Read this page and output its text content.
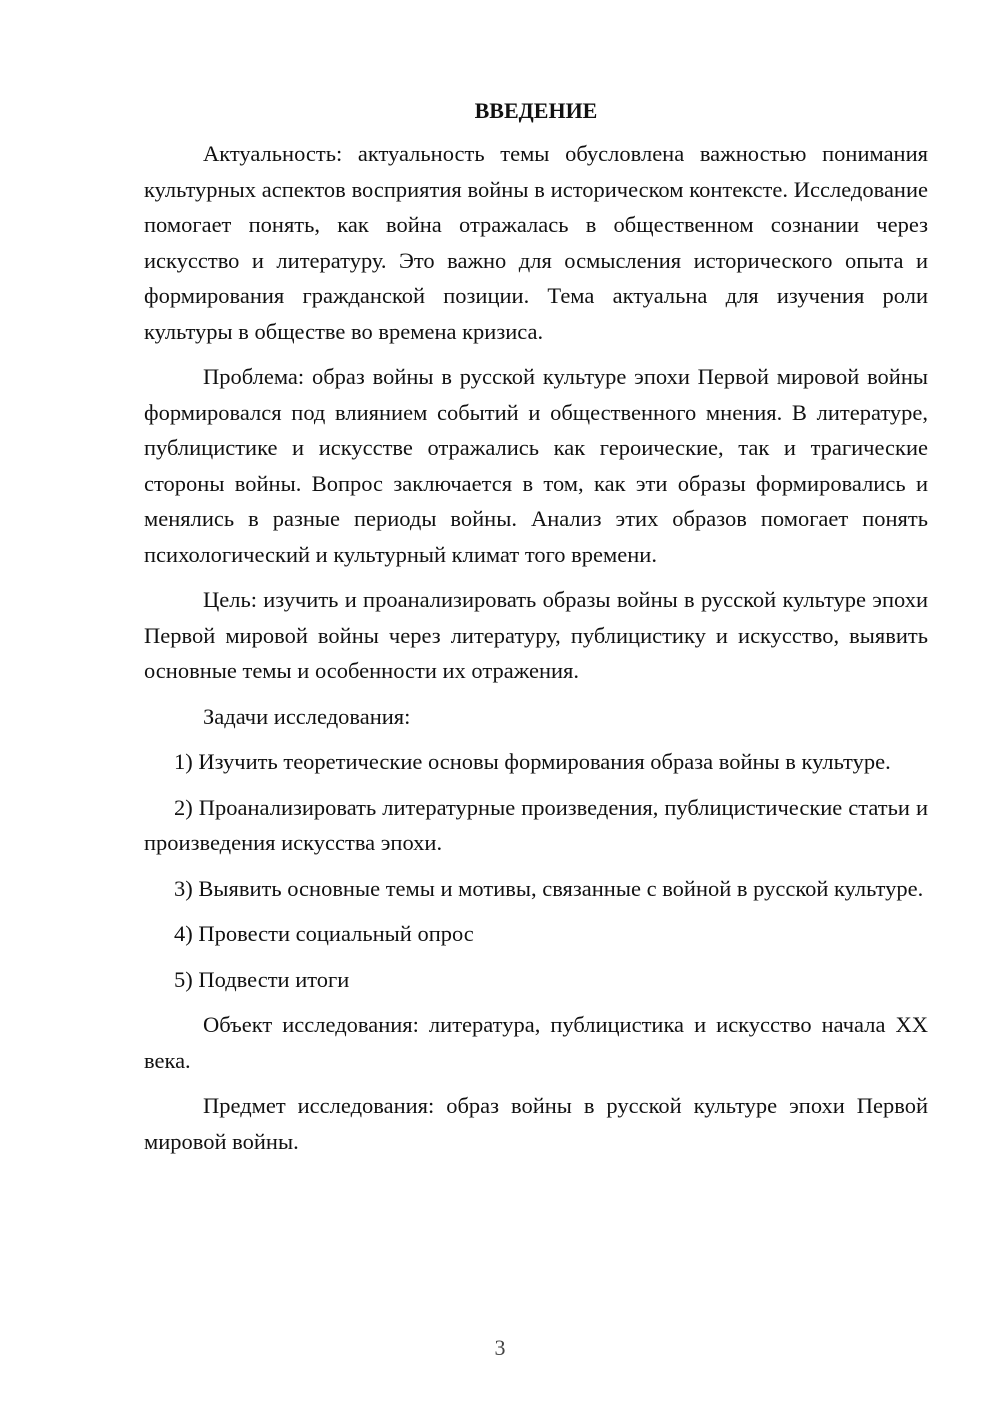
ВВЕДЕНИЕ

Актуальность: актуальность темы обусловлена важностью понимания культурных аспектов восприятия войны в историческом контексте. Исследование помогает понять, как война отражалась в общественном сознании через искусство и литературу. Это важно для осмысления исторического опыта и формирования гражданской позиции. Тема актуальна для изучения роли культуры в обществе во времена кризиса.

Проблема: образ войны в русской культуре эпохи Первой мировой войны формировался под влиянием событий и общественного мнения. В литературе, публицистике и искусстве отражались как героические, так и трагические стороны войны. Вопрос заключается в том, как эти образы формировались и менялись в разные периоды войны. Анализ этих образов помогает понять психологический и культурный климат того времени.

Цель: изучить и проанализировать образы войны в русской культуре эпохи Первой мировой войны через литературу, публицистику и искусство, выявить основные темы и особенности их отражения.

Задачи исследования:

1) Изучить теоретические основы формирования образа войны в культуре.

2) Проанализировать литературные произведения, публицистические статьи и произведения искусства эпохи.

3) Выявить основные темы и мотивы, связанные с войной в русской культуре.

4) Провести социальный опрос

5) Подвести итоги

Объект исследования: литература, публицистика и искусство начала XX века.

Предмет исследования: образ войны в русской культуре эпохи Первой мировой войны.

3
